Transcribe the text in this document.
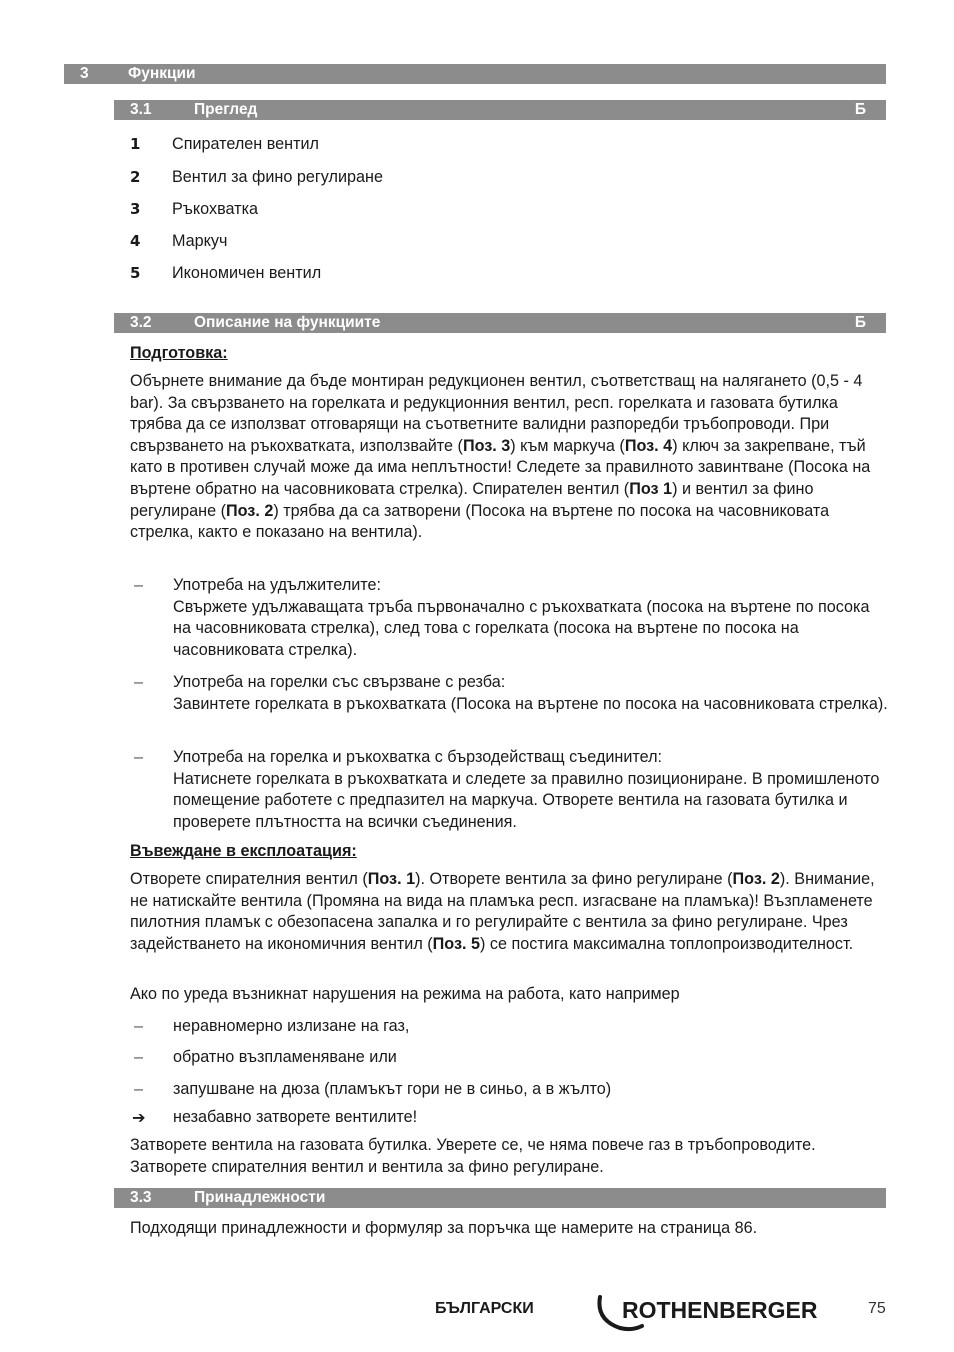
3	Функции
3.1	Преглед	Б
1 Спирателен вентил
2 Вентил за фино регулиране
3 Ръкохватка
4 Маркуч
5 Икономичен вентил
3.2	Описание на функциите	Б
Подготовка:

Обърнете внимание да бъде монтиран редукционен вентил, съответстващ на налягането (0,5 - 4 bar). За свързването на горелката и редукционния вентил, респ. горелката и газовата бутилка трябва да се използват отговарящи на съответните валидни разпоредби тръбопроводи. При свързването на ръкохватката, използвайте (Поз. 3) към маркуча (Поз. 4) ключ за закрепване, тъй като в противен случай може да има неплътности! Следете за правилното завинтване (Посока на въртене обратно на часовниковата стрелка). Спирателен вентил (Поз 1) и вентил за фино регулиране (Поз. 2) трябва да са затворени (Посока на въртене по посока на часовниковата стрелка, както е показано на вентила).

– Употреба на удължителите:
Свържете удължаващата тръба първоначално с ръкохватката (посока на въртене по посока на часовниковата стрелка), след това с горелката (посока на въртене по посока на часовниковата стрелка).
– Употреба на горелки със свързване с резба:
Завинтете горелката в ръкохватката (Посока на въртене по посока на часовниковата стрелка).
– Употреба на горелка и ръкохватка с бързодействащ съединител:
Натиснете горелката в ръкохватката и следете за правилно позициониране. В промишленото помещение работете с предпазител на маркуча. Отворете вентила на газовата бутилка и проверете плътността на всички съединения.
Въвеждане в експлоатация:

Отворете спирателния вентил (Поз. 1). Отворете вентила за фино регулиране (Поз. 2). Внимание, не натискайте вентила (Промяна на вида на пламъка респ. изгасване на пламъка)! Възпламенете пилотния пламък с обезопасена запалка и го регулирайте с вентила за фино регулиране. Чрез задействането на икономичния вентил (Поз. 5) се постига максимална топлопроизводителност.

Ако по уреда възникнат нарушения на режима на работа, като например

– неравномерно излизане на газ,
– обратно възпламеняване или
– запушване на дюза (пламъкът гори не в синьо, а в жълто)
➔ незабавно затворете вентилите!

Затворете вентила на газовата бутилка. Уверете се, че няма повече газ в тръбопроводите. Затворете спирателния вентил и вентила за фино регулиране.

3.3	Принадлежности

Подходящи принадлежности и формуляр за поръчка ще намерите на страница 86.

БЪЛГАРСКИ	ROTHENBERGER	75
